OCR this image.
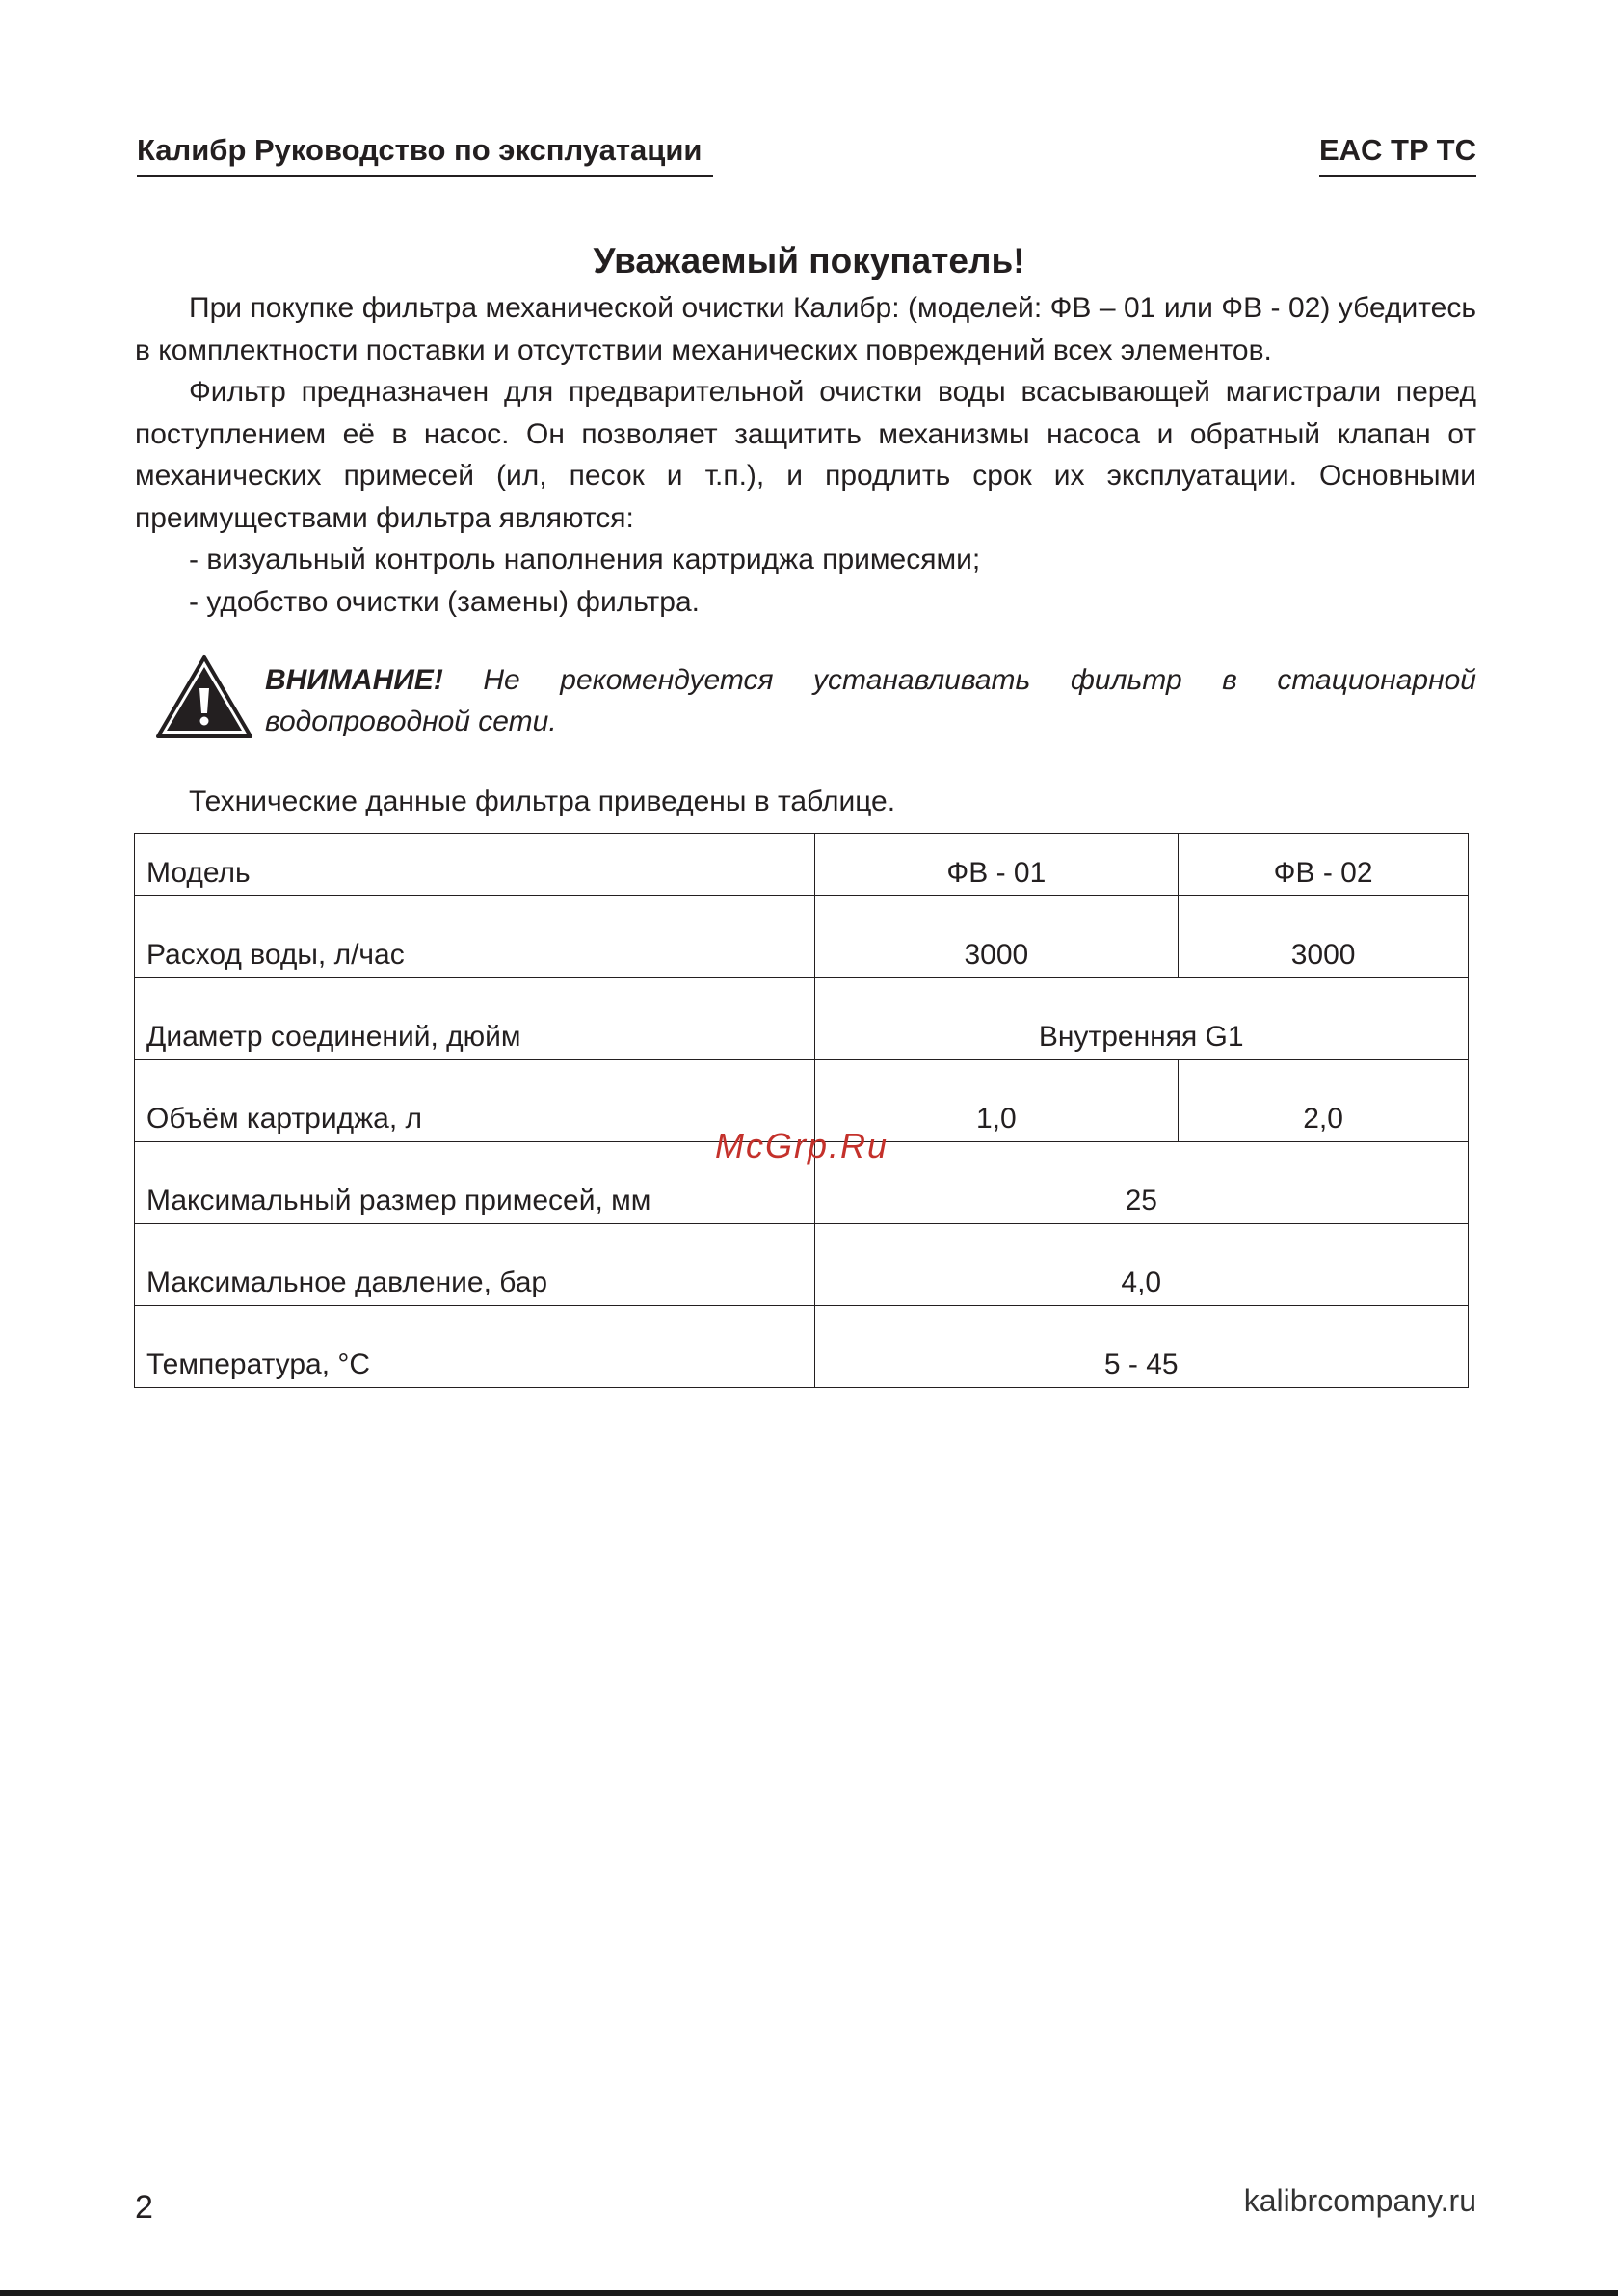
Калибр Руководство по эксплуатации	EAC TP TC
Уважаемый покупатель!

При покупке фильтра механической очистки Калибр: (моделей: ФВ – 01 или ФВ - 02) убедитесь в комплектности поставки и отсутствии механических повреждений всех элементов.

Фильтр предназначен для предварительной очистки воды всасывающей магистрали перед поступлением её в насос. Он позволяет защитить механизмы насоса и обратный клапан от механических примесей (ил, песок и т.п.), и продлить срок их эксплуатации. Основными преимуществами фильтра являются:

- визуальный контроль наполнения картриджа примесями;

- удобство очистки (замены) фильтра.

ВНИМАНИЕ! Не рекомендуется устанавливать фильтр в стационарной водопроводной сети.
Технические данные фильтра приведены в таблице.
Модель	ФВ - 01	ФВ - 02
Расход воды, л/час	3000	3000
Диаметр соединений, дюйм	Внутренняя G1	
Объём картриджа, л	1,0	2,0
Максимальный размер примесей, мм	25	
Максимальное давление, бар	4,0	
Температура, °С	5 - 45	
McGrp.Ru
2	kalibrcompany.ru
